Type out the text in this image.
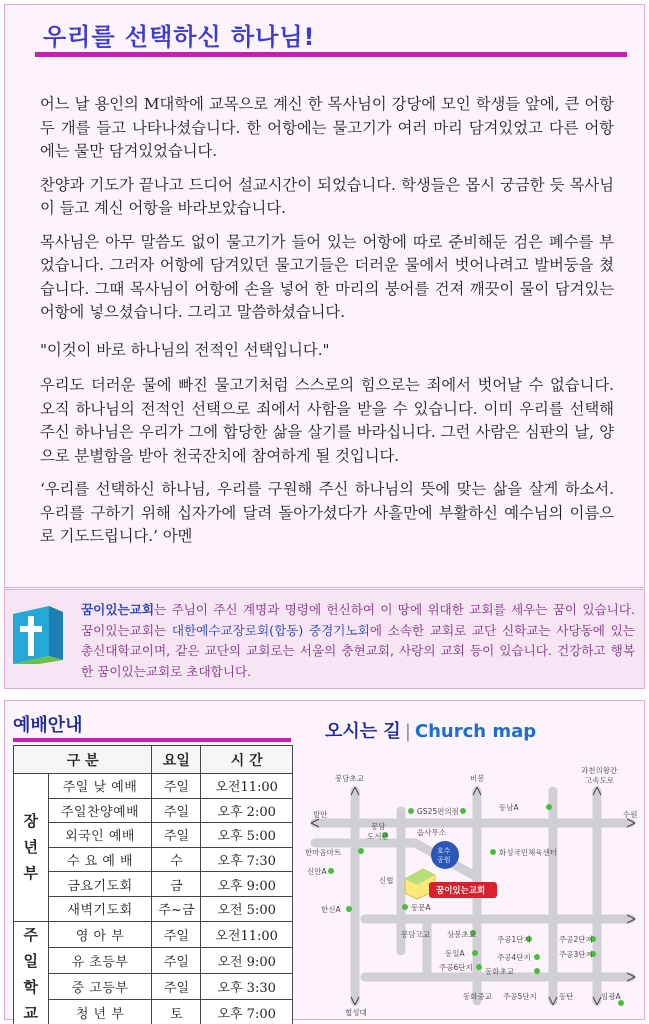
우리를 선택하신 하나님!

어느 날 용인의 M대학에 교목으로 계신 한 목사님이 강당에 모인 학생들 앞에, 큰 어항 두 개를 들고 나타나셨습니다. 한 어항에는 물고기가 여러 마리 담겨있었고 다른 어항에는 물만 담겨있었습니다.

찬양과 기도가 끝나고 드디어 설교시간이 되었습니다. 학생들은 몹시 궁금한 듯 목사님이 들고 계신 어항을 바라보았습니다.

목사님은 아무 말씀도 없이 물고기가 들어 있는 어항에 따로 준비해둔 검은 폐수를 부었습니다. 그러자 어항에 담겨있던 물고기들은 더러운 물에서 벗어나려고 발버둥을 쳤습니다. 그때 목사님이 어항에 손을 넣어 한 마리의 붕어를 건져 깨끗이 물이 담겨있는 어항에 넣으셨습니다. 그리고 말씀하셨습니다.

"이것이 바로 하나님의 전적인 선택입니다."

우리도 더러운 물에 빠진 물고기처럼 스스로의 힘으로는 죄에서 벗어날 수 없습니다. 오직 하나님의 전적인 선택으로 죄에서 사함을 받을 수 있습니다. 이미 우리를 선택해 주신 하나님은 우리가 그에 합당한 삶을 살기를 바라십니다. 그런 사람은 심판의 날, 양으로 분별함을 받아 천국잔치에 참여하게 될 것입니다.

‘우리를 선택하신 하나님, 우리를 구원해 주신 하나님의 뜻에 맞는 삶을 살게 하소서. 우리를 구하기 위해 십자가에 달려 돌아가셨다가 사흘만에 부활하신 예수님의 이름으로 기도드립니다.’ 아멘

꿈이있는교회는 주님이 주신 계명과 명령에 헌신하여 이 땅에 위대한 교회를 세우는 꿈이 있습니다. 꿈이있는교회는 대한예수교장로회(합동) 중경기노회에 소속한 교회로 교단 신학교는 사당동에 있는 총신대학교이며, 같은 교단의 교회로는 서울의 충현교회, 사랑의 교회 등이 있습니다. 건강하고 행복한 꿈이있는교회로 초대합니다.
예배안내
구 분		요일	시 간
장
년
부	주일 낮 예배	주일	오전11:00
	주일찬양예배	주일	오후 2:00
	외국인 예배	주일	오후 5:00
	수 요 예 배	수	오후 7:30
	금요기도회	금	오후 9:00
	새벽기도회	주~금	오전 5:00
주
일
학
교	영 아 부	주일	오전11:00
	유 초등부	주일	오전 9:00
	중 고등부	주일	오후 3:30
	청 년 부	토	오후 7:00
오시는 길 | Church map
호수
공원
꿈이있는교회
봉담초교	비봉
과천의왕간
고속도로
GS25편의점	동남A
발안	수원
읍사무소
봉담
도서관
화성국민체육센터
한마음마트
신안A
신협
동문A
한신A
봉담고교 상봉초교
동일A
주공6단지
주공1단지
주공4단지
동화초교
주공2단지
주공3단지
협성대
동화중교 주공5단지	동탄	임광A
